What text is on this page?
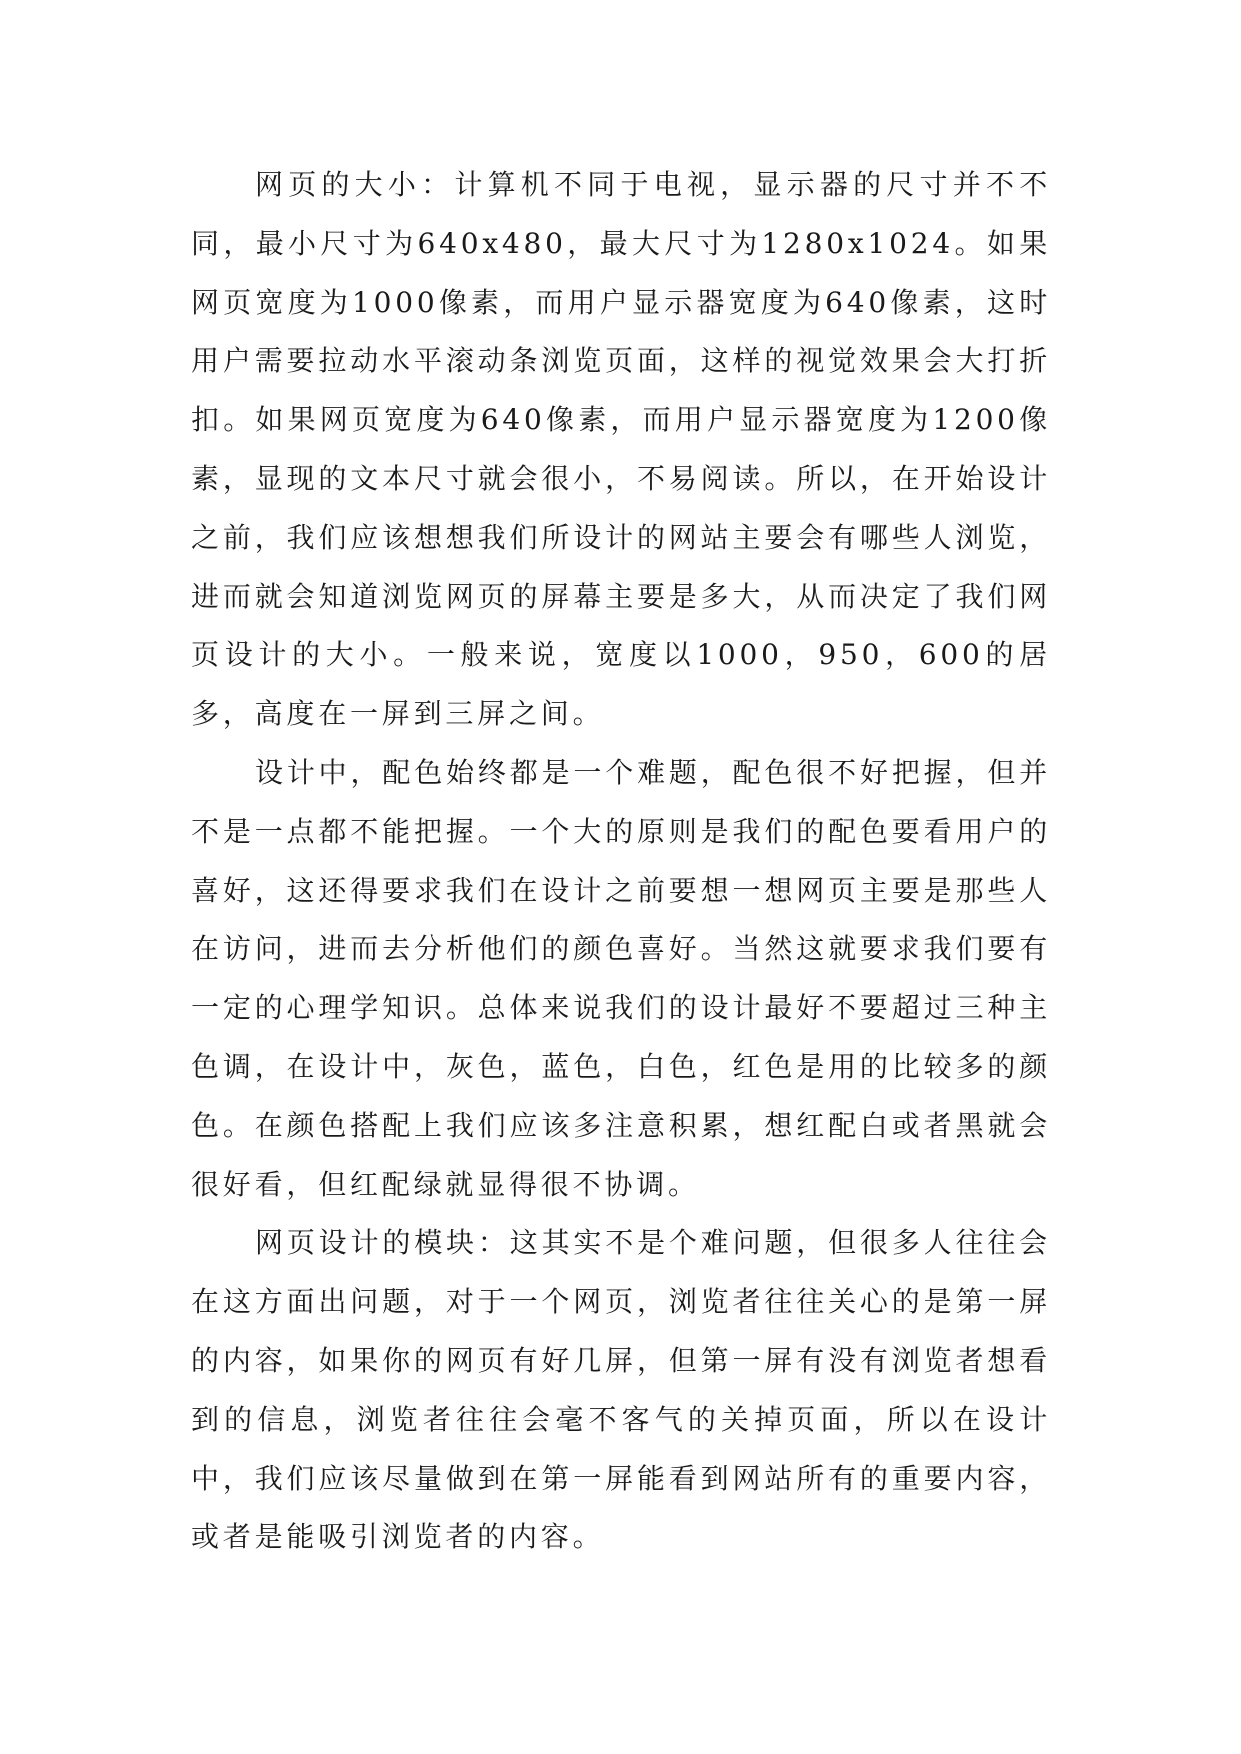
网页的大小：计算机不同于电视，显示器的尺寸并不不同，最小尺寸为640x480，最大尺寸为1280x1024。如果网页宽度为1000像素，而用户显示器宽度为640像素，这时用户需要拉动水平滚动条浏览页面，这样的视觉效果会大打折扣。如果网页宽度为640像素，而用户显示器宽度为1200像素，显现的文本尺寸就会很小，不易阅读。所以，在开始设计之前，我们应该想想我们所设计的网站主要会有哪些人浏览，进而就会知道浏览网页的屏幕主要是多大，从而决定了我们网页设计的大小。一般来说，宽度以1000，950，600的居多，高度在一屏到三屏之间。

设计中，配色始终都是一个难题，配色很不好把握，但并不是一点都不能把握。一个大的原则是我们的配色要看用户的喜好，这还得要求我们在设计之前要想一想网页主要是那些人在访问，进而去分析他们的颜色喜好。当然这就要求我们要有一定的心理学知识。总体来说我们的设计最好不要超过三种主色调，在设计中，灰色，蓝色，白色，红色是用的比较多的颜色。在颜色搭配上我们应该多注意积累，想红配白或者黑就会很好看，但红配绿就显得很不协调。

网页设计的模块：这其实不是个难问题，但很多人往往会在这方面出问题，对于一个网页，浏览者往往关心的是第一屏的内容，如果你的网页有好几屏，但第一屏有没有浏览者想看到的信息，浏览者往往会毫不客气的关掉页面，所以在设计中，我们应该尽量做到在第一屏能看到网站所有的重要内容，或者是能吸引浏览者的内容。
